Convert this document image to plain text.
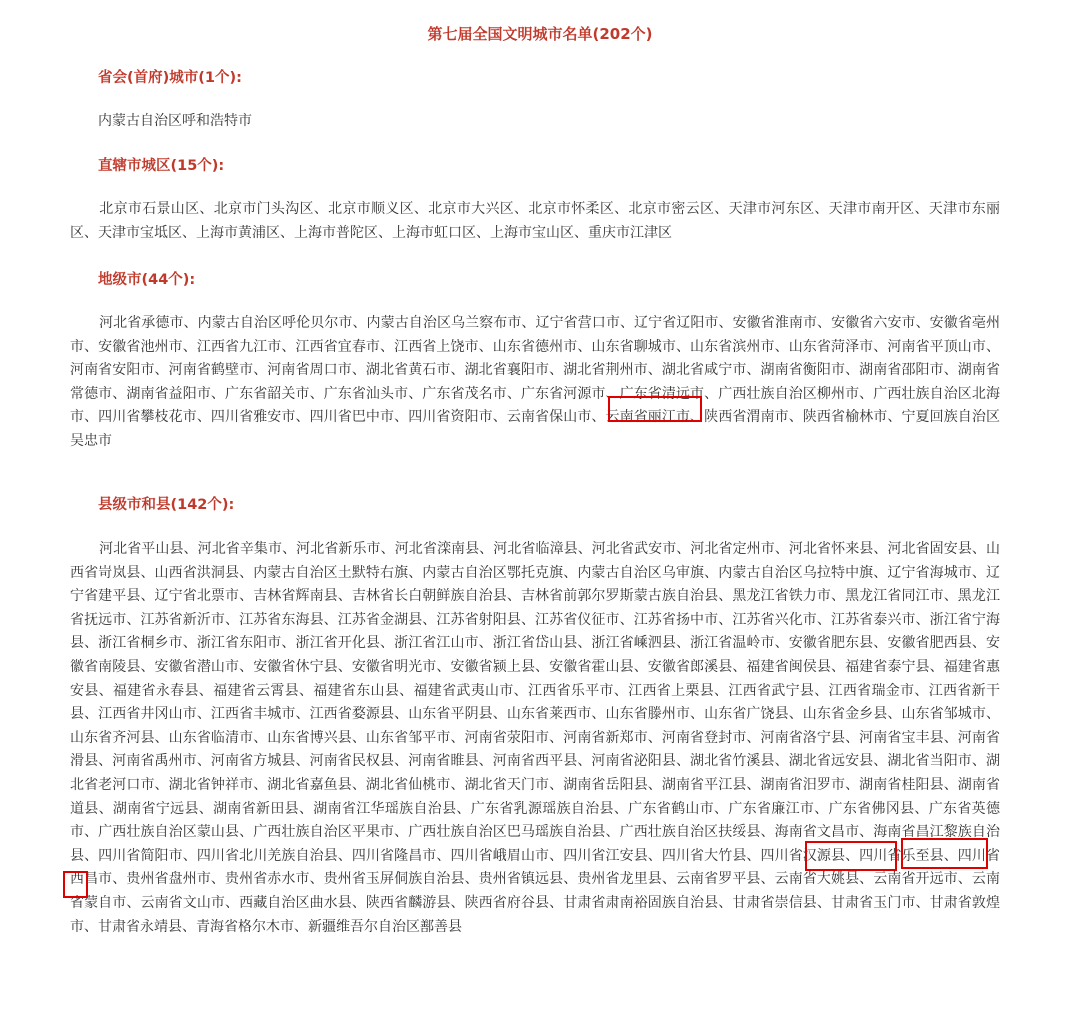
第七届全国文明城市名单(202个)
省会(首府)城市(1个):
内蒙古自治区呼和浩特市
直辖市城区(15个):
北京市石景山区、北京市门头沟区、北京市顺义区、北京市大兴区、北京市怀柔区、北京市密云区、天津市河东区、天津市南开区、天津市东丽区、天津市宝坻区、上海市黄浦区、上海市普陀区、上海市虹口区、上海市宝山区、重庆市江津区
地级市(44个):
河北省承德市、内蒙古自治区呼伦贝尔市、内蒙古自治区乌兰察布市、辽宁省营口市、辽宁省辽阳市、安徽省淮南市、安徽省六安市、安徽省亳州市、安徽省池州市、江西省九江市、江西省宜春市、江西省上饶市、山东省德州市、山东省聊城市、山东省滨州市、山东省菏泽市、河南省平顶山市、河南省安阳市、河南省鹤壁市、河南省周口市、湖北省黄石市、湖北省襄阳市、湖北省荆州市、湖北省咸宁市、湖南省衡阳市、湖南省邵阳市、湖南省常德市、湖南省益阳市、广东省韶关市、广东省汕头市、广东省茂名市、广东省河源市、广东省清远市、广西壮族自治区柳州市、广西壮族自治区北海市、四川省攀枝花市、四川省雅安市、四川省巴中市、四川省资阳市、云南省保山市、云南省丽江市、陕西省渭南市、陕西省榆林市、宁夏回族自治区吴忠市
县级市和县(142个):
河北省平山县、河北省辛集市、河北省新乐市、河北省滦南县、河北省临漳县、河北省武安市、河北省定州市、河北省怀来县、河北省固安县、山西省岢岚县、山西省洪洞县、内蒙古自治区土默特右旗、内蒙古自治区鄂托克旗、内蒙古自治区乌审旗、内蒙古自治区乌拉特中旗、辽宁省海城市、辽宁省建平县、辽宁省北票市、吉林省辉南县、吉林省长白朝鲜族自治县、吉林省前郭尔罗斯蒙古族自治县、黑龙江省铁力市、黑龙江省同江市、黑龙江省抚远市、江苏省新沂市、江苏省东海县、江苏省金湖县、江苏省射阳县、江苏省仪征市、江苏省扬中市、江苏省兴化市、江苏省泰兴市、浙江省宁海县、浙江省桐乡市、浙江省东阳市、浙江省开化县、浙江省江山市、浙江省岱山县、浙江省嵊泗县、浙江省温岭市、安徽省肥东县、安徽省肥西县、安徽省南陵县、安徽省潜山市、安徽省休宁县、安徽省明光市、安徽省颍上县、安徽省霍山县、安徽省郎溪县、福建省闽侯县、福建省泰宁县、福建省惠安县、福建省永春县、福建省云霄县、福建省东山县、福建省武夷山市、江西省乐平市、江西省上栗县、江西省武宁县、江西省瑞金市、江西省新干县、江西省井冈山市、江西省丰城市、江西省婺源县、山东省平阴县、山东省莱西市、山东省滕州市、山东省广饶县、山东省金乡县、山东省邹城市、山东省齐河县、山东省临清市、山东省博兴县、山东省邹平市、河南省荥阳市、河南省新郑市、河南省登封市、河南省洛宁县、河南省宝丰县、河南省滑县、河南省禹州市、河南省方城县、河南省民权县、河南省睢县、河南省西平县、河南省泌阳县、湖北省竹溪县、湖北省远安县、湖北省当阳市、湖北省老河口市、湖北省钟祥市、湖北省嘉鱼县、湖北省仙桃市、湖北省天门市、湖南省岳阳县、湖南省平江县、湖南省汨罗市、湖南省桂阳县、湖南省道县、湖南省宁远县、湖南省新田县、湖南省江华瑶族自治县、广东省乳源瑶族自治县、广东省鹤山市、广东省廉江市、广东省佛冈县、广东省英德市、广西壮族自治区蒙山县、广西壮族自治区平果市、广西壮族自治区巴马瑶族自治县、广西壮族自治区扶绥县、海南省文昌市、海南省昌江黎族自治县、四川省简阳市、四川省北川羌族自治县、四川省隆昌市、四川省峨眉山市、四川省江安县、四川省大竹县、四川省汉源县、四川省乐至县、四川省西昌市、贵州省盘州市、贵州省赤水市、贵州省玉屏侗族自治县、贵州省镇远县、贵州省龙里县、云南省罗平县、云南省大姚县、云南省开远市、云南省蒙自市、云南省文山市、西藏自治区曲水县、陕西省麟游县、陕西省府谷县、甘肃省肃南裕固族自治县、甘肃省崇信县、甘肃省玉门市、甘肃省敦煌市、甘肃省永靖县、青海省格尔木市、新疆维吾尔自治区鄯善县
